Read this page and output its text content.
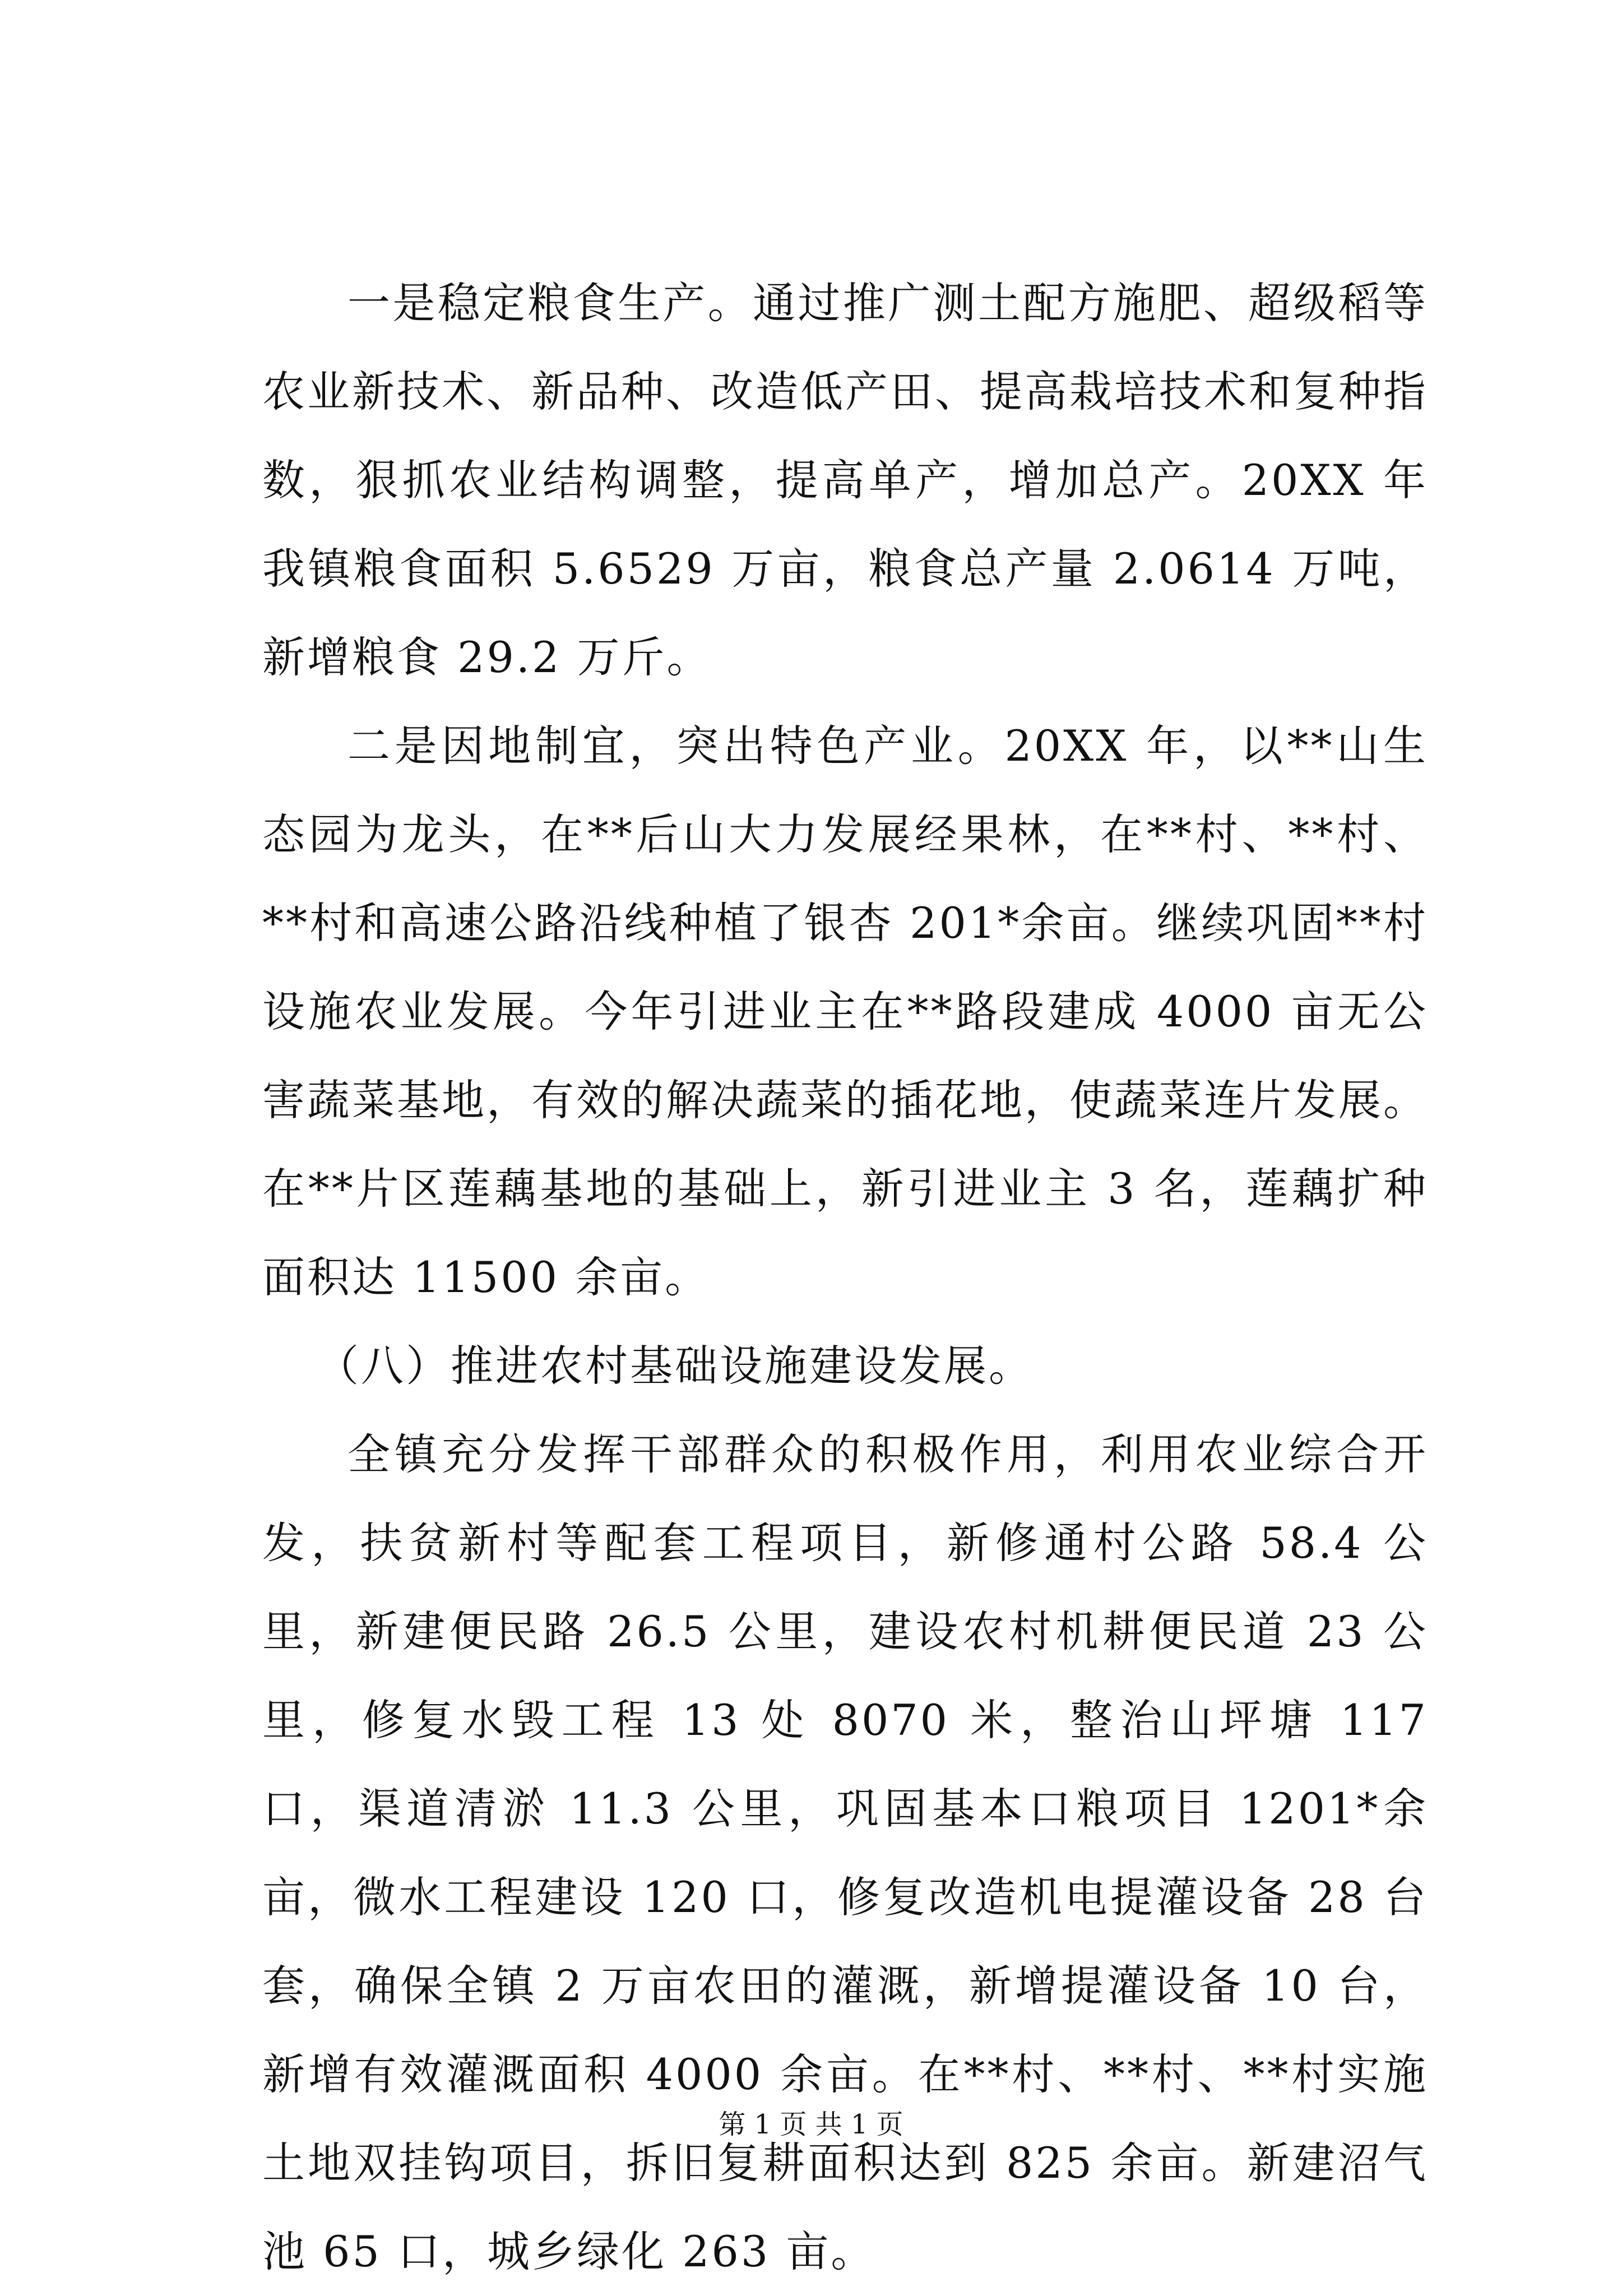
一是稳定粮食生产。通过推广测土配方施肥、超级稻等农业新技术、新品种、改造低产田、提高栽培技术和复种指数，狠抓农业结构调整，提高单产，增加总产。20XX 年我镇粮食面积 5.6529 万亩，粮食总产量 2.0614 万吨，新增粮食 29.2 万斤。

二是因地制宜，突出特色产业。20XX 年，以**山生态园为龙头，在**后山大力发展经果林，在**村、**村、**村和高速公路沿线种植了银杏 201*余亩。继续巩固**村设施农业发展。今年引进业主在**路段建成 4000 亩无公害蔬菜基地，有效的解决蔬菜的插花地，使蔬菜连片发展。在**片区莲藕基地的基础上，新引进业主 3 名，莲藕扩种面积达 11500 余亩。

（八）推进农村基础设施建设发展。

全镇充分发挥干部群众的积极作用，利用农业综合开发，扶贫新村等配套工程项目，新修通村公路 58.4 公里，新建便民路 26.5 公里，建设农村机耕便民道 23 公里，修复水毁工程 13 处 8070 米，整治山坪塘 117 口，渠道清淤 11.3 公里，巩固基本口粮项目 1201*余亩，微水工程建设 120 口，修复改造机电提灌设备 28 台套，确保全镇 2 万亩农田的灌溉，新增提灌设备 10 台，新增有效灌溉面积 4000 余亩。在**村、**村、**村实施土地双挂钩项目，拆旧复耕面积达到 825 余亩。新建沼气池 65 口，城乡绿化 263 亩。

第 1 页 共 1 页
